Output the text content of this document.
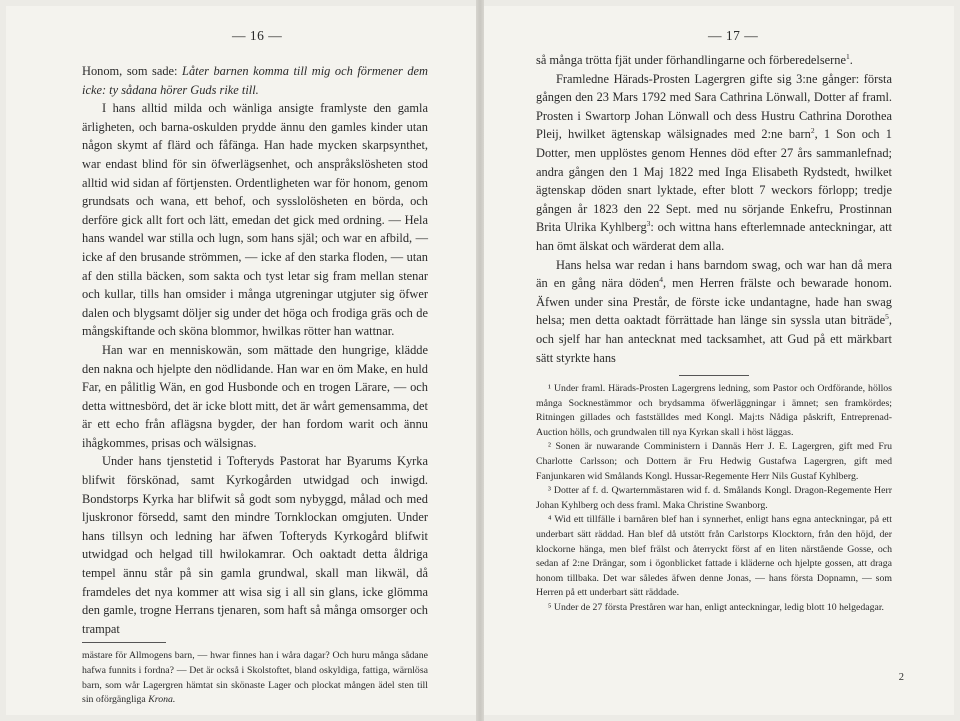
— 16 —

Honom, som sade: Låter barnen komma till mig och förmener dem icke: ty sådana hörer Guds rike till.

I hans alltid milda och wänliga ansigte framlyste den gamla ärligheten, och barna-oskulden prydde ännu den gamles kinder utan någon skymt af flärd och fåfänga. Han hade mycken skarpsynthet, war endast blind för sin öfwerlägsenhet, och anspråkslösheten stod alltid wid sidan af förtjensten. Ordentligheten war för honom, genom grundsats och wana, ett behof, och sysslolösheten en börda, och derföre gick allt fort och lätt, emedan det gick med ordning. — Hela hans wandel war stilla och lugn, som hans själ; och war en afbild, — icke af den brusande strömmen, — icke af den starka floden, — utan af den stilla bäcken, som sakta och tyst letar sig fram mellan stenar och kullar, tills han omsider i många utgreningar utgjuter sig öfwer dalen och blygsamt döljer sig under det höga och frodiga gräs och de mångskiftande och sköna blommor, hwilkas rötter han wattnar.

Han war en menniskowän, som mättade den hungrige, klädde den nakna och hjelpte den nödlidande. Han war en öm Make, en huld Far, en pålitlig Wän, en god Husbonde och en trogen Lärare, — och detta wittnesbörd, det är icke blott mitt, det är wårt gemensamma, det är ett echo från aflägsna bygder, der han fordom warit och ännu ihågkommes, prisas och wälsignas.

Under hans tjenstetid i Tofteryds Pastorat har Byarums Kyrka blifwit förskönad, samt Kyrkogården utwidgad och inwigd. Bondstorps Kyrka har blifwit så godt som nybyggd, målad och med ljuskronor försedd, samt den mindre Tornklockan omgjuten. Under hans tillsyn och ledning har äfwen Tofteryds Kyrkogård blifwit utwidgad och helgad till hwilokamrar. Och oaktadt detta åldriga tempel ännu står på sin gamla grundwal, skall man likwäl, då framdeles det nya kommer att wisa sig i all sin glans, icke glömma den gamle, trogne Herrans tjenaren, som haft så många omsorger och trampat

mästare för Allmogens barn, — hwar finnes han i wåra dagar? Och huru många sådane hafwa funnits i fordna? — Det är också i Skolstoftet, bland oskyldiga, fattiga, wärnlösa barn, som wår Lagergren hämtat sin skönaste Lager och plockat mången ädel sten till sin oförgängliga Krona.

— 17 —

så många trötta fjät under förhandlingarne och förberedelserne$^1$.

Framledne Härads-Prosten Lagergren gifte sig 3:ne gånger: första gången den 23 Mars 1792 med Sara Cathrina Lönwall, Dotter af framl. Prosten i Swartorp Johan Lönwall och dess Hustru Cathrina Dorothea Pleij, hwilket ägtenskap wälsignades med 2:ne barn$^2$, 1 Son och 1 Dotter, men upplöstes genom Hennes död efter 27 års sammanlefnad; andra gången den 1 Maj 1822 med Inga Elisabeth Rydstedt, hwilket ägtenskap döden snart lyktade, efter blott 7 weckors förlopp; tredje gången år 1823 den 22 Sept. med nu sörjande Enkefru, Prostinnan Brita Ulrika Kyhlberg$^3$: och wittna hans efterlemnade anteckningar, att han ömt älskat och wärderat dem alla.

Hans helsa war redan i hans barndom swag, och war han då mera än en gång nära döden$^4$, men Herren frälste och bewarade honom. Äfwen under sina Prestår, de förste icke undantagne, hade han swag helsa; men detta oaktadt förrättade han länge sin syssla utan biträde$^5$, och sjelf har han antecknat med tacksamhet, att Gud på ett märkbart sätt styrkte hans

¹ Under framl. Härads-Prosten Lagergrens ledning, som Pastor och Ordförande, höllos många Socknestämmor och brydsamma öfwerläggningar i ämnet; sen framkördes; Ritningen gillades och fastställdes med Kongl. Maj:ts Nådiga påskrift, Entreprenad-Auction hölls, och grundwalen till nya Kyrkan skall i höst läggas.

² Sonen är nuwarande Comministern i Dannäs Herr J. E. Lagergren, gift med Fru Charlotte Carlsson; och Dottern är Fru Hedwig Gustafwa Lagergren, gift med Fanjunkaren wid Smålands Kongl. Hussar-Regemente Herr Nils Gustaf Kyhlberg.

³ Dotter af f. d. Qwarternmästaren wid f. d. Smålands Kongl. Dragon-Regemente Herr Johan Kyhlberg och dess framl. Maka Christine Swanborg.

⁴ Wid ett tillfälle i barnåren blef han i synnerhet, enligt hans egna anteckningar, på ett underbart sätt räddad. Han blef då utstött från Carlstorps Klocktorn, från den höjd, der klockorne hänga, men blef frälst och återryckt först af en liten närstående Gosse, och sedan af 2:ne Drängar, som i ögonblicket fattade i kläderne och hjelpte gossen, att draga honom tillbaka. Det war således äfwen denne Jonas, — hans första Dopnamn, — som Herren på ett underbart sätt räddade.

⁵ Under de 27 första Preståren war han, enligt anteckningar, ledig blott 10 helgedagar.

2
